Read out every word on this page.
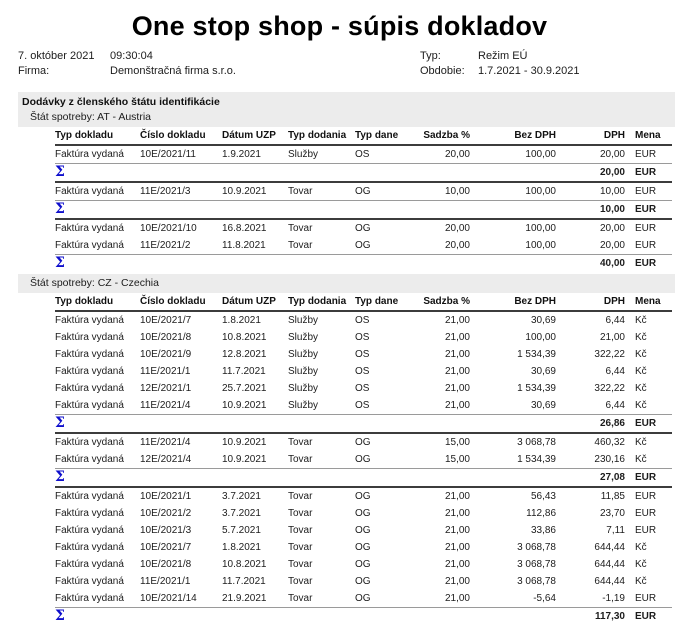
One stop shop - súpis dokladov
7. október 2021 09:30:04	Typ:	Režim EÚ
Firma:	Demonštračná firma s.r.o.	Obdobie: 1.7.2021 - 30.9.2021
Dodávky z členského štátu identifikácie
Štát spotreby: AT - Austria
Typ dokladu	Číslo dokladu	Dátum UZP	Typ dodania	Typ dane	Sadzba %	Bez DPH	DPH	Mena
Faktúra vydaná	10E/2021/11	1.9.2021	Služby	OS	20,00	100,00	20,00	EUR
Σ							20,00	EUR
Faktúra vydaná	11E/2021/3	10.9.2021	Tovar	OG	10,00	100,00	10,00	EUR
Σ							10,00	EUR
Faktúra vydaná	10E/2021/10	16.8.2021	Tovar	OG	20,00	100,00	20,00	EUR
Faktúra vydaná	11E/2021/2	11.8.2021	Tovar	OG	20,00	100,00	20,00	EUR
Σ							40,00	EUR
Štát spotreby: CZ - Czechia
Typ dokladu	Číslo dokladu	Dátum UZP	Typ dodania	Typ dane	Sadzba %	Bez DPH	DPH	Mena
Faktúra vydaná	10E/2021/7	1.8.2021	Služby	OS	21,00	30,69	6,44	Kč
Faktúra vydaná	10E/2021/8	10.8.2021	Služby	OS	21,00	100,00	21,00	Kč
Faktúra vydaná	10E/2021/9	12.8.2021	Služby	OS	21,00	1 534,39	322,22	Kč
Faktúra vydaná	11E/2021/1	11.7.2021	Služby	OS	21,00	30,69	6,44	Kč
Faktúra vydaná	12E/2021/1	25.7.2021	Služby	OS	21,00	1 534,39	322,22	Kč
Faktúra vydaná	11E/2021/4	10.9.2021	Služby	OS	21,00	30,69	6,44	Kč
Σ							26,86	EUR
Faktúra vydaná	11E/2021/4	10.9.2021	Tovar	OG	15,00	3 068,78	460,32	Kč
Faktúra vydaná	12E/2021/4	10.9.2021	Tovar	OG	15,00	1 534,39	230,16	Kč
Σ							27,08	EUR
Faktúra vydaná	10E/2021/1	3.7.2021	Tovar	OG	21,00	56,43	11,85	EUR
Faktúra vydaná	10E/2021/2	3.7.2021	Tovar	OG	21,00	112,86	23,70	EUR
Faktúra vydaná	10E/2021/3	5.7.2021	Tovar	OG	21,00	33,86	7,11	EUR
Faktúra vydaná	10E/2021/7	1.8.2021	Tovar	OG	21,00	3 068,78	644,44	Kč
Faktúra vydaná	10E/2021/8	10.8.2021	Tovar	OG	21,00	3 068,78	644,44	Kč
Faktúra vydaná	11E/2021/1	11.7.2021	Tovar	OG	21,00	3 068,78	644,44	Kč
Faktúra vydaná	10E/2021/14	21.9.2021	Tovar	OG	21,00	-5,64	-1,19	EUR
Σ							117,30	EUR
